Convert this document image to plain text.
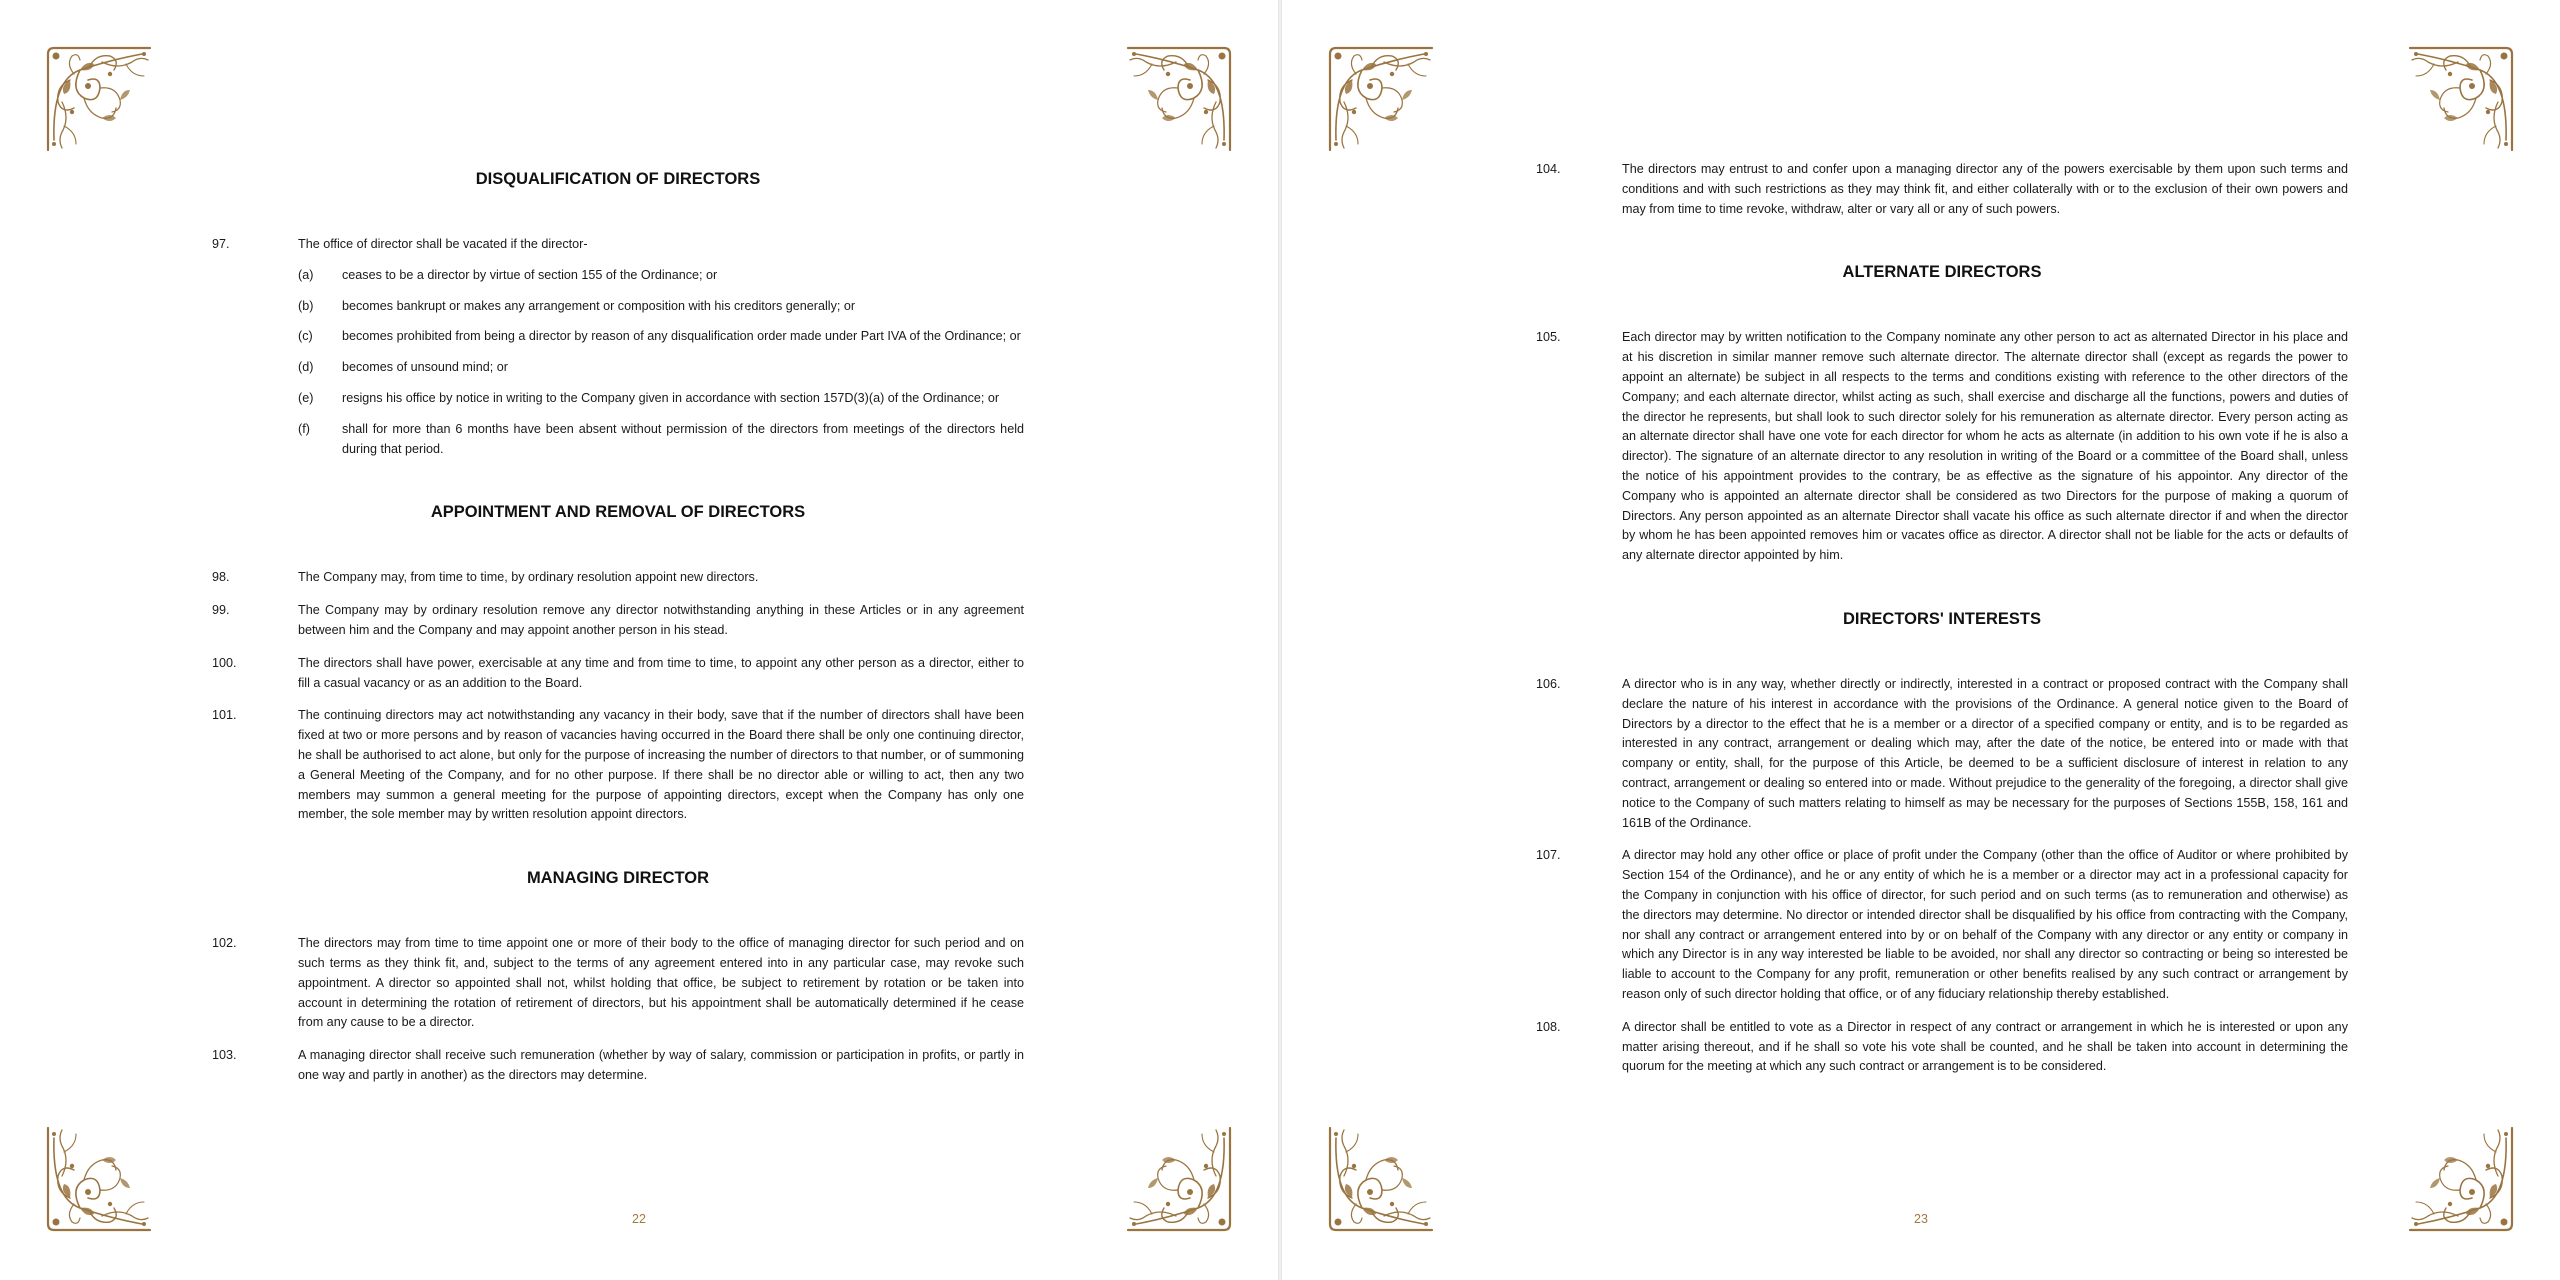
DISQUALIFICATION OF DIRECTORS
97.	The office of director shall be vacated if the director-
(a)	ceases to be a director by virtue of section 155 of the Ordinance; or
(b)	becomes bankrupt or makes any arrangement or composition with his creditors generally; or
(c)	becomes prohibited from being a director by reason of any disqualification order made under Part IVA of the Ordinance; or
(d)	becomes of unsound mind; or
(e)	resigns his office by notice in writing to the Company given in accordance with section 157D(3)(a) of the Ordinance; or
(f)	shall for more than 6 months have been absent without permission of the directors from meetings of the directors held during that period.
APPOINTMENT AND REMOVAL OF DIRECTORS
98.	The Company may, from time to time, by ordinary resolution appoint new directors.
99.	The Company may by ordinary resolution remove any director notwithstanding anything in these Articles or in any agreement between him and the Company and may appoint another person in his stead.
100.	The directors shall have power, exercisable at any time and from time to time, to appoint any other person as a director, either to fill a casual vacancy or as an addition to the Board.
101.	The continuing directors may act notwithstanding any vacancy in their body, save that if the number of directors shall have been fixed at two or more persons and by reason of vacancies having occurred in the Board there shall be only one continuing director, he shall be authorised to act alone, but only for the purpose of increasing the number of directors to that number, or of summoning a General Meeting of the Company, and for no other purpose. If there shall be no director able or willing to act, then any two members may summon a general meeting for the purpose of appointing directors, except when the Company has only one member, the sole member may by written resolution appoint directors.
MANAGING DIRECTOR
102.	The directors may from time to time appoint one or more of their body to the office of managing director for such period and on such terms as they think fit, and, subject to the terms of any agreement entered into in any particular case, may revoke such appointment. A director so appointed shall not, whilst holding that office, be subject to retirement by rotation or be taken into account in determining the rotation of retirement of directors, but his appointment shall be automatically determined if he cease from any cause to be a director.
103.	A managing director shall receive such remuneration (whether by way of salary, commission or participation in profits, or partly in one way and partly in another) as the directors may determine.
22
104.	The directors may entrust to and confer upon a managing director any of the powers exercisable by them upon such terms and conditions and with such restrictions as they may think fit, and either collaterally with or to the exclusion of their own powers and may from time to time revoke, withdraw, alter or vary all or any of such powers.
ALTERNATE DIRECTORS
105.	Each director may by written notification to the Company nominate any other person to act as alternated Director in his place and at his discretion in similar manner remove such alternate director. The alternate director shall (except as regards the power to appoint an alternate) be subject in all respects to the terms and conditions existing with reference to the other directors of the Company; and each alternate director, whilst acting as such, shall exercise and discharge all the functions, powers and duties of the director he represents, but shall look to such director solely for his remuneration as alternate director. Every person acting as an alternate director shall have one vote for each director for whom he acts as alternate (in addition to his own vote if he is also a director). The signature of an alternate director to any resolution in writing of the Board or a committee of the Board shall, unless the notice of his appointment provides to the contrary, be as effective as the signature of his appointor. Any director of the Company who is appointed an alternate director shall be considered as two Directors for the purpose of making a quorum of Directors. Any person appointed as an alternate Director shall vacate his office as such alternate director if and when the director by whom he has been appointed removes him or vacates office as director. A director shall not be liable for the acts or defaults of any alternate director appointed by him.
DIRECTORS' INTERESTS
106.	A director who is in any way, whether directly or indirectly, interested in a contract or proposed contract with the Company shall declare the nature of his interest in accordance with the provisions of the Ordinance. A general notice given to the Board of Directors by a director to the effect that he is a member or a director of a specified company or entity, and is to be regarded as interested in any contract, arrangement or dealing which may, after the date of the notice, be entered into or made with that company or entity, shall, for the purpose of this Article, be deemed to be a sufficient disclosure of interest in relation to any contract, arrangement or dealing so entered into or made. Without prejudice to the generality of the foregoing, a director shall give notice to the Company of such matters relating to himself as may be necessary for the purposes of Sections 155B, 158, 161 and 161B of the Ordinance.
107.	A director may hold any other office or place of profit under the Company (other than the office of Auditor or where prohibited by Section 154 of the Ordinance), and he or any entity of which he is a member or a director may act in a professional capacity for the Company in conjunction with his office of director, for such period and on such terms (as to remuneration and otherwise) as the directors may determine. No director or intended director shall be disqualified by his office from contracting with the Company, nor shall any contract or arrangement entered into by or on behalf of the Company with any director or any entity or company in which any Director is in any way interested be liable to be avoided, nor shall any director so contracting or being so interested be liable to account to the Company for any profit, remuneration or other benefits realised by any such contract or arrangement by reason only of such director holding that office, or of any fiduciary relationship thereby established.
108.	A director shall be entitled to vote as a Director in respect of any contract or arrangement in which he is interested or upon any matter arising thereout, and if he shall so vote his vote shall be counted, and he shall be taken into account in determining the quorum for the meeting at which any such contract or arrangement is to be considered.
23
